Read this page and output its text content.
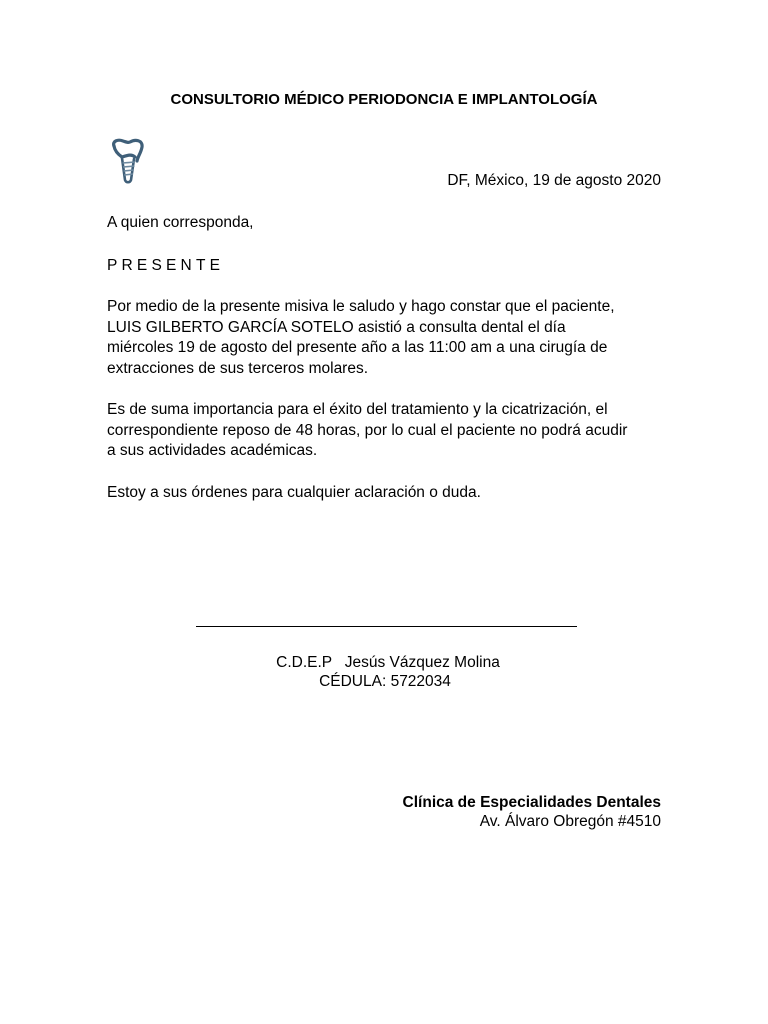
CONSULTORIO MÉDICO PERIODONCIA E IMPLANTOLOGÍA
DF, México, 19 de agosto 2020
A quien corresponda,
PRESENTE
Por medio de la presente misiva le saludo y hago constar que el paciente,
LUIS GILBERTO GARCÍA SOTELO asistió a consulta dental el día
miércoles 19 de agosto del presente año a las 11:00 am a una cirugía de
extracciones de sus terceros molares.
Es de suma importancia para el éxito del tratamiento y la cicatrización, el
correspondiente reposo de 48 horas, por lo cual el paciente no podrá acudir
a sus actividades académicas.
Estoy a sus órdenes para cualquier aclaración o duda.
C.D.E.P   Jesús Vázquez Molina
CÉDULA: 5722034
Clínica de Especialidades Dentales
Av. Álvaro Obregón #4510
